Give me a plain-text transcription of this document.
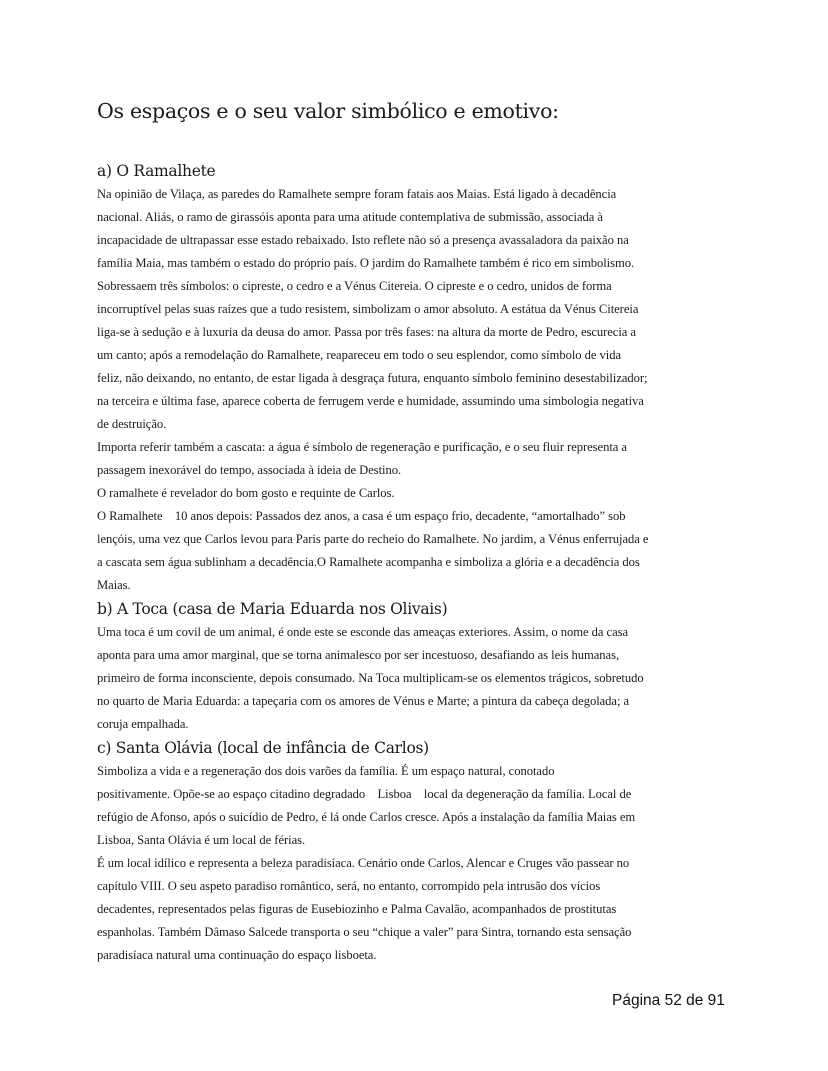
Os espaços e o seu valor simbólico e emotivo:
a) O Ramalhete

Na opinião de Vilaça, as paredes do Ramalhete sempre foram fatais aos Maias. Está ligado à decadência
nacional. Aliás, o ramo de girassóis aponta para uma atitude contemplativa de submissão, associada à
incapacidade de ultrapassar esse estado rebaixado. Isto reflete não só a presença avassaladora da paixão na
família Maia, mas também o estado do próprio país. O jardim do Ramalhete também é rico em simbolismo.
Sobressaem três símbolos: o cipreste, o cedro e a Vénus Citereia. O cipreste e o cedro, unidos de forma
incorruptível pelas suas raízes que a tudo resistem, simbolizam o amor absoluto. A estátua da Vénus Citereia
liga-se à sedução e à luxuria da deusa do amor. Passa por três fases: na altura da morte de Pedro, escurecia a
um canto; após a remodelação do Ramalhete, reapareceu em todo o seu esplendor, como símbolo de vida
feliz, não deixando, no entanto, de estar ligada à desgraça futura, enquanto símbolo feminino desestabilizador;
na terceira e última fase, aparece coberta de ferrugem verde e humidade, assumindo uma simbologia negativa
de destruição.
Importa referir também a cascata: a água é símbolo de regeneração e purificação, e o seu fluir representa a
passagem inexorável do tempo, associada à ideia de Destino.
O ramalhete é revelador do bom gosto e requinte de Carlos.
O Ramalhete    10 anos depois: Passados dez anos, a casa é um espaço frio, decadente, “amortalhado” sob
lençóis, uma vez que Carlos levou para Paris parte do recheio do Ramalhete. No jardim, a Vénus enferrujada e
a cascata sem água sublinham a decadência.O Ramalhete acompanha e simboliza a glória e a decadência dos
Maias.

b) A Toca (casa de Maria Eduarda nos Olivais)

Uma toca é um covil de um animal, é onde este se esconde das ameaças exteriores. Assim, o nome da casa
aponta para uma amor marginal, que se torna animalesco por ser incestuoso, desafiando as leis humanas,
primeiro de forma inconsciente, depois consumado. Na Toca multiplicam-se os elementos trágicos, sobretudo
no quarto de Maria Eduarda: a tapeçaria com os amores de Vénus e Marte; a pintura da cabeça degolada; a
coruja empalhada.

c) Santa Olávia (local de infância de Carlos)

Simboliza a vida e a regeneração dos dois varões da família. É um espaço natural, conotado
positivamente. Opõe-se ao espaço citadino degradado    Lisboa    local da degeneração da família. Local de
refúgio de Afonso, após o suicídio de Pedro, é lá onde Carlos cresce. Após a instalação da família Maias em
Lisboa, Santa Olávia é um local de férias.
É um local idílico e representa a beleza paradisíaca. Cenário onde Carlos, Alencar e Cruges vão passear no
capítulo VIII. O seu aspeto paradiso romântico, será, no entanto, corrompido pela intrusão dos vícios
decadentes, representados pelas figuras de Eusebiozinho e Palma Cavalão, acompanhados de prostitutas
espanholas. Também Dâmaso Salcede transporta o seu “chique a valer” para Sintra, tornando esta sensação
paradisíaca natural uma continuação do espaço lisboeta.

Página 52 de 91
